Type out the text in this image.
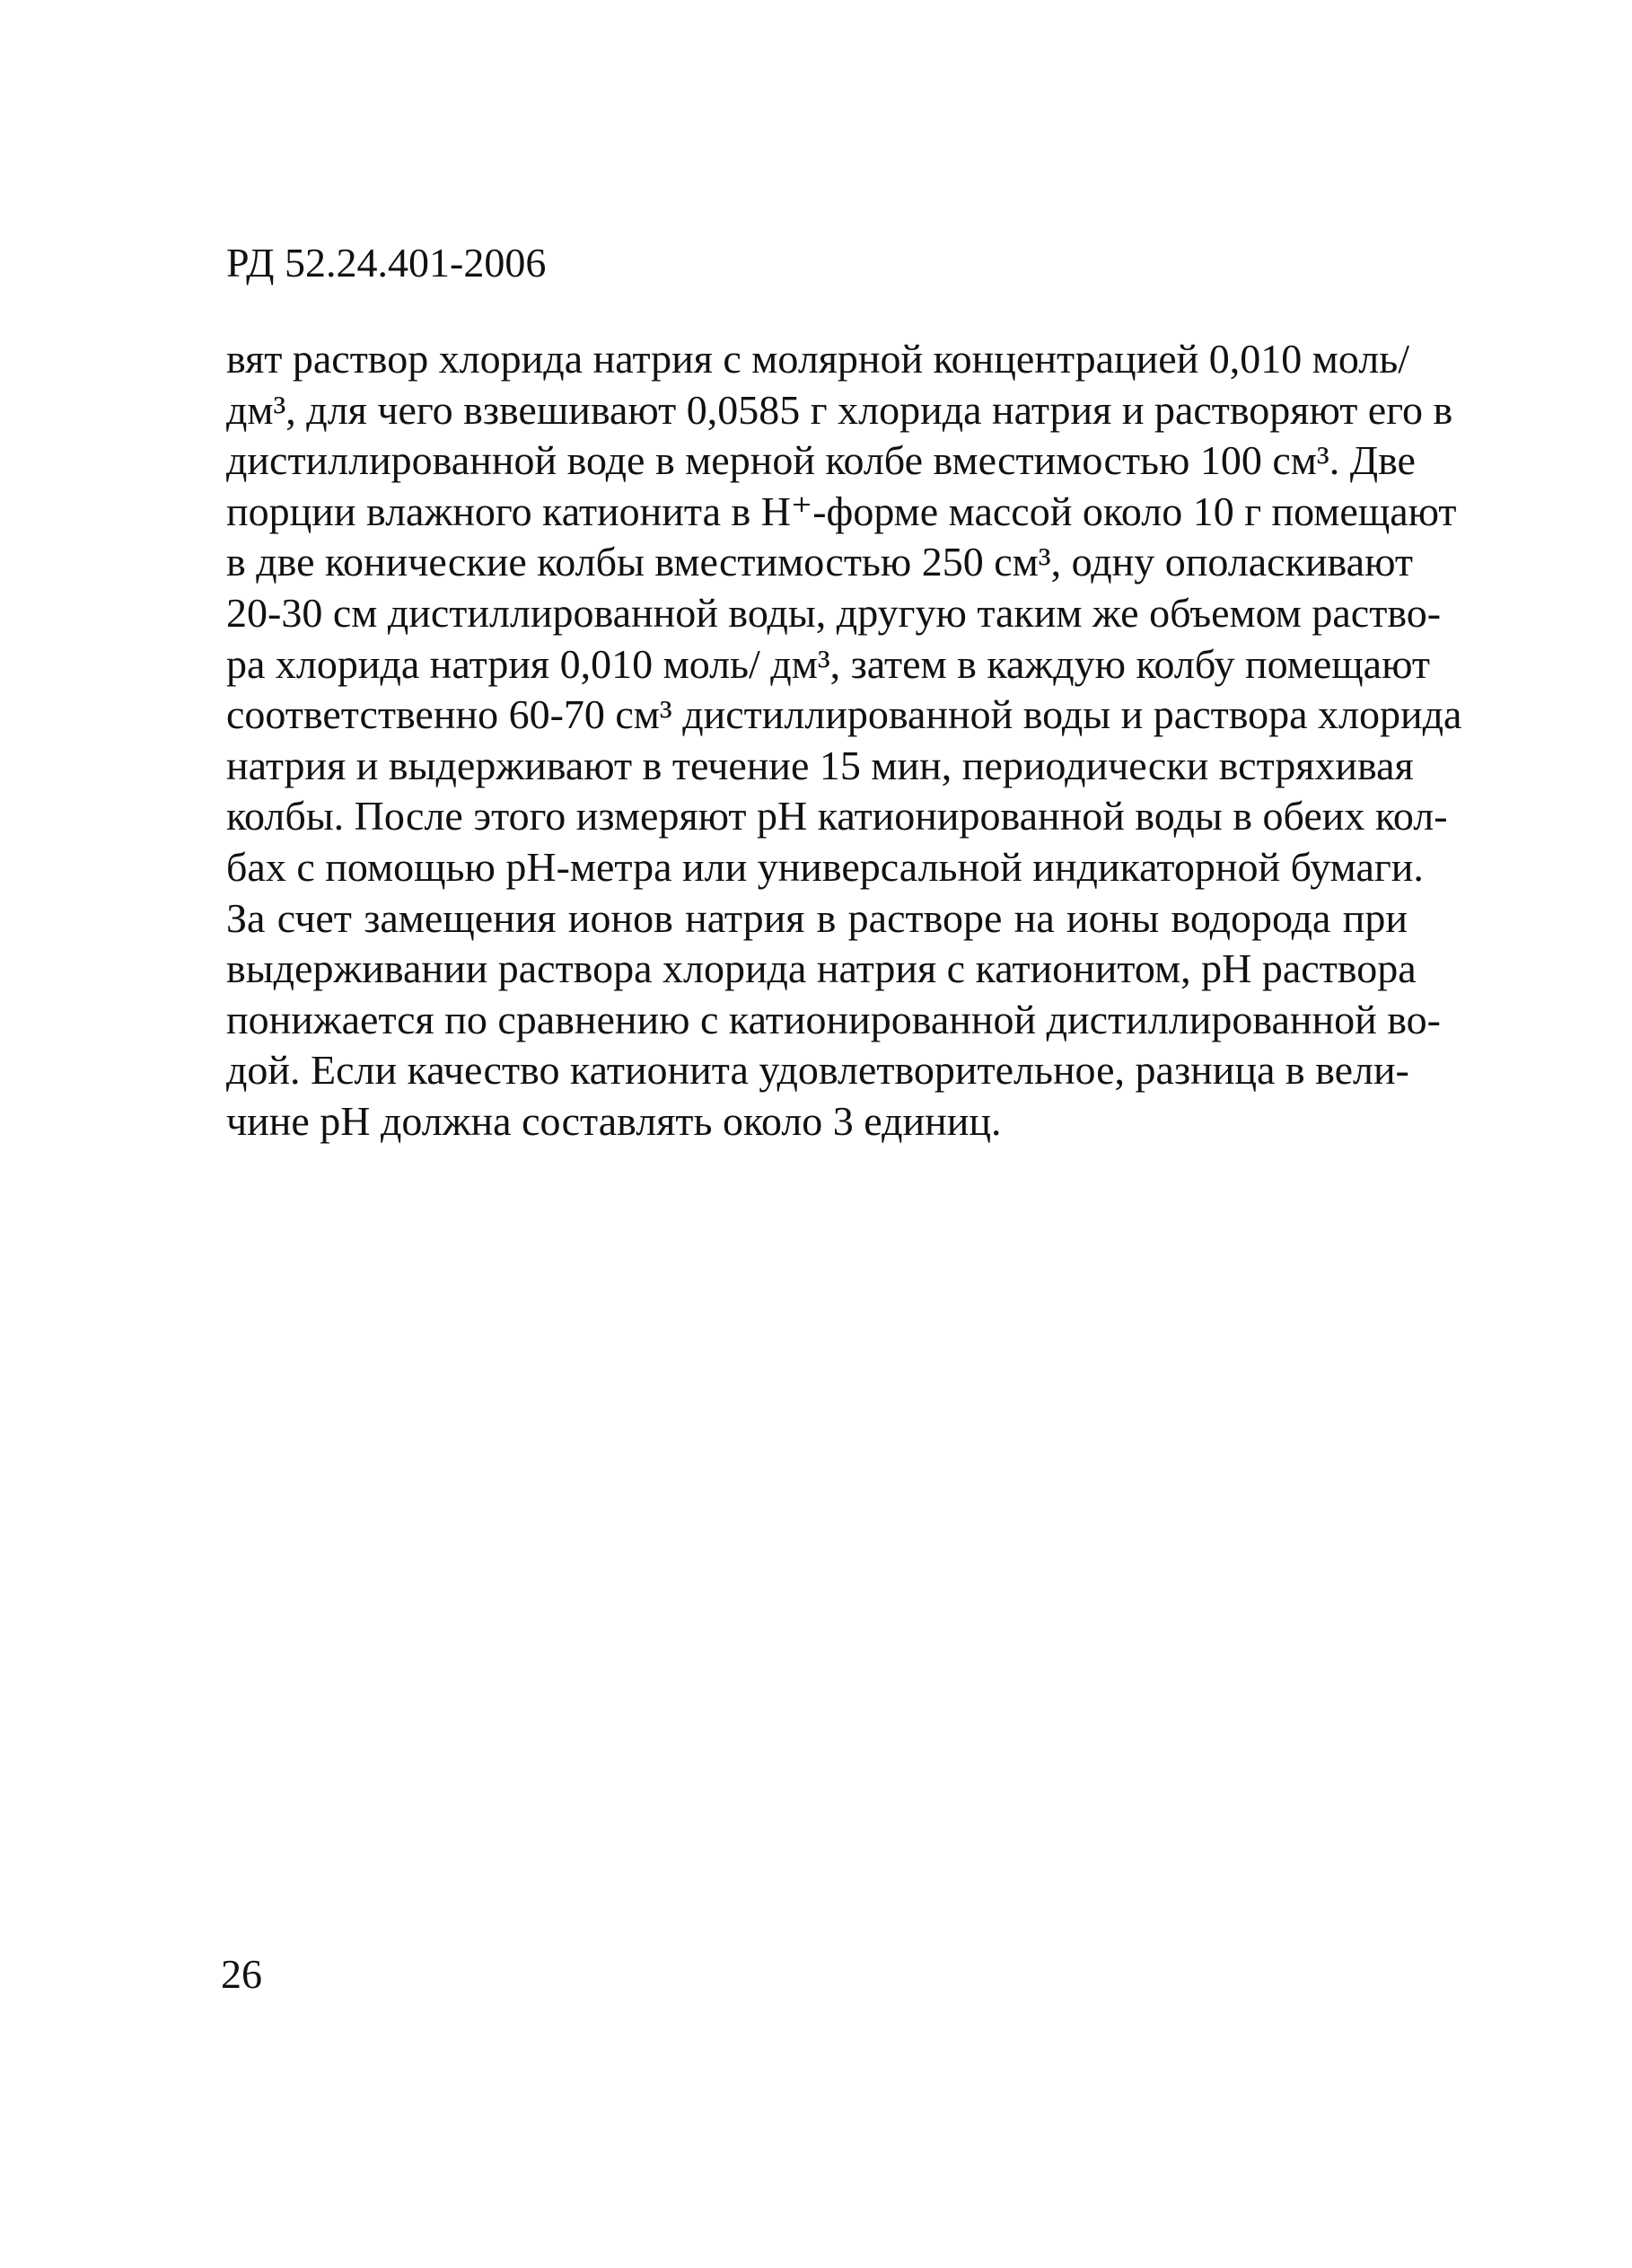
РД 52.24.401-2006
вят раствор хлорида натрия с молярной концентрацией 0,010 моль/
дм³, для чего взвешивают 0,0585 г хлорида натрия и растворяют его в
дистиллированной воде в мерной колбе вместимостью 100 см³. Две
порции влажного катионита в Н⁺-форме массой около 10 г помещают
в две конические колбы вместимостью 250 см³, одну ополаскивают
20-30 см дистиллированной воды, другую таким же объемом раство-
ра хлорида натрия 0,010 моль/ дм³, затем в каждую колбу помещают
соответственно 60-70 см³ дистиллированной воды и раствора хлорида
натрия и выдерживают в течение 15 мин, периодически встряхивая
колбы. После этого измеряют рН катионированной воды в обеих кол-
бах с помощью рН-метра или универсальной индикаторной бумаги.
За счет замещения ионов натрия в растворе на ионы водорода при
выдерживании раствора хлорида натрия с катионитом, рН раствора
понижается по сравнению с катионированной дистиллированной во-
дой. Если качество катионита удовлетворительное, разница в вели-
чине рН должна составлять около 3 единиц.
26
